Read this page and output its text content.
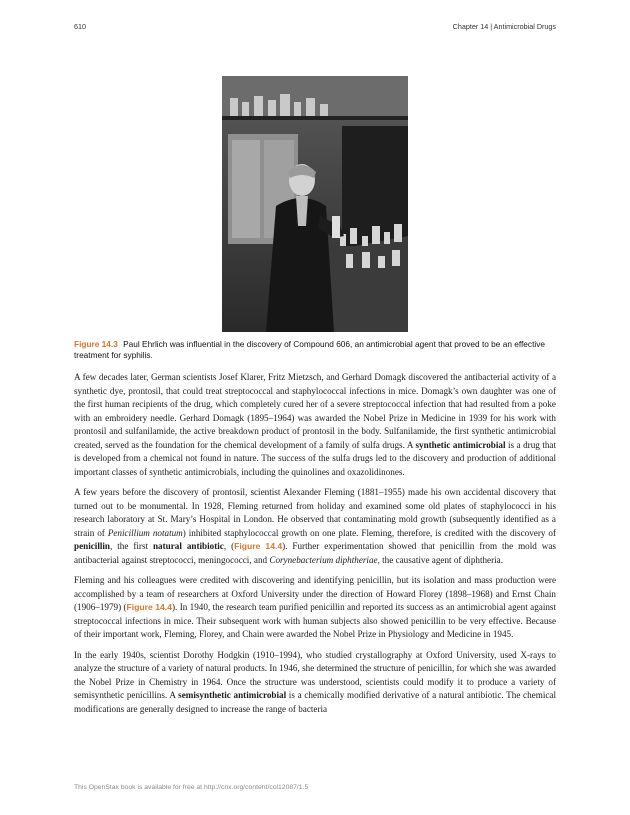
610	Chapter 14 | Antimicrobial Drugs
Figure 14.3 Paul Ehrlich was influential in the discovery of Compound 606, an antimicrobial agent that proved to be an effective treatment for syphilis.

A few decades later, German scientists Josef Klarer, Fritz Mietzsch, and Gerhard Domagk discovered the antibacterial activity of a synthetic dye, prontosil, that could treat streptococcal and staphylococcal infections in mice. Domagk’s own daughter was one of the first human recipients of the drug, which completely cured her of a severe streptococcal infection that had resulted from a poke with an embroidery needle. Gerhard Domagk (1895–1964) was awarded the Nobel Prize in Medicine in 1939 for his work with prontosil and sulfanilamide, the active breakdown product of prontosil in the body. Sulfanilamide, the first synthetic antimicrobial created, served as the foundation for the chemical development of a family of sulfa drugs. A synthetic antimicrobial is a drug that is developed from a chemical not found in nature. The success of the sulfa drugs led to the discovery and production of additional important classes of synthetic antimicrobials, including the quinolines and oxazolidinones.

A few years before the discovery of prontosil, scientist Alexander Fleming (1881–1955) made his own accidental discovery that turned out to be monumental. In 1928, Fleming returned from holiday and examined some old plates of staphylococci in his research laboratory at St. Mary’s Hospital in London. He observed that contaminating mold growth (subsequently identified as a strain of Penicillium notatum) inhibited staphylococcal growth on one plate. Fleming, therefore, is credited with the discovery of penicillin, the first natural antibiotic, (Figure 14.4). Further experimentation showed that penicillin from the mold was antibacterial against streptococci, meningococci, and Corynebacterium diphtheriae, the causative agent of diphtheria.

Fleming and his colleagues were credited with discovering and identifying penicillin, but its isolation and mass production were accomplished by a team of researchers at Oxford University under the direction of Howard Florey (1898–1968) and Ernst Chain (1906–1979) (Figure 14.4). In 1940, the research team purified penicillin and reported its success as an antimicrobial agent against streptococcal infections in mice. Their subsequent work with human subjects also showed penicillin to be very effective. Because of their important work, Fleming, Florey, and Chain were awarded the Nobel Prize in Physiology and Medicine in 1945.

In the early 1940s, scientist Dorothy Hodgkin (1910–1994), who studied crystallography at Oxford University, used X-rays to analyze the structure of a variety of natural products. In 1946, she determined the structure of penicillin, for which she was awarded the Nobel Prize in Chemistry in 1964. Once the structure was understood, scientists could modify it to produce a variety of semisynthetic penicillins. A semisynthetic antimicrobial is a chemically modified derivative of a natural antibiotic. The chemical modifications are generally designed to increase the range of bacteria

This OpenStax book is available for free at http://cnx.org/content/col12087/1.5
